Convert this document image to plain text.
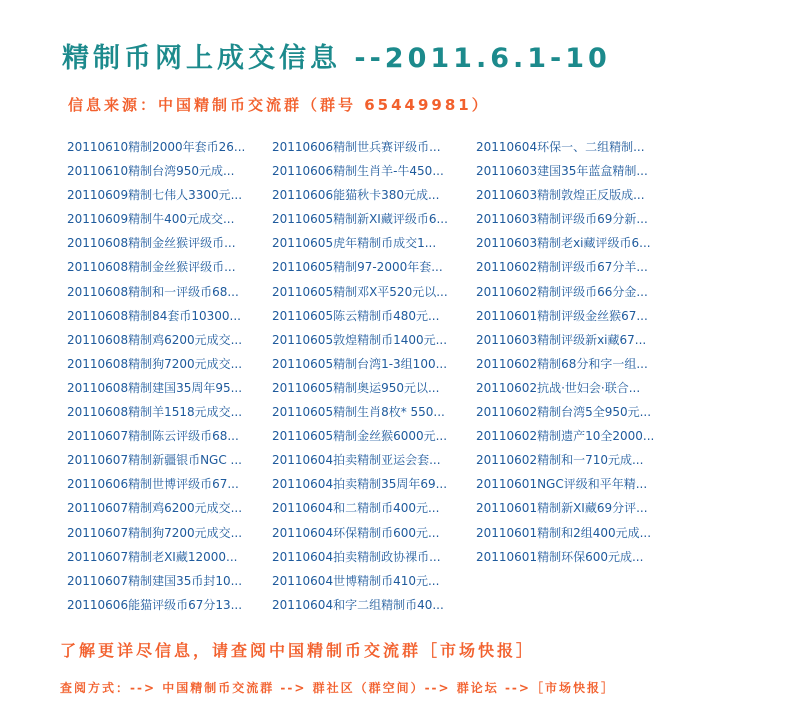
精制币网上成交信息 --2011.6.1-10
信息来源：中国精制币交流群（群号 65449981）
20110610精制2000年套币26...
20110610精制台湾950元成...
20110609精制七伟人3300元...
20110609精制牛400元成交...
20110608精制金丝猴评级币...
20110608精制金丝猴评级币...
20110608精制和一评级币68...
20110608精制84套币10300...
20110608精制鸡6200元成交...
20110608精制狗7200元成交...
20110608精制建国35周年95...
20110608精制羊1518元成交...
20110607精制陈云评级币68...
20110607精制新疆银币NGC ...
20110606精制世博评级币67...
20110607精制鸡6200元成交...
20110607精制狗7200元成交...
20110607精制老XI藏12000...
20110607精制建国35币封10...
20110606能猫评级币67分13...
20110606精制世兵赛评级币...
20110606精制生肖羊-牛450...
20110606能猫秋卡380元成...
20110605精制新XI藏评级币6...
20110605虎年精制币成交1...
20110605精制97-2000年套...
20110605精制邓X平520元以...
20110605陈云精制币480元...
20110605敦煌精制币1400元...
20110605精制台湾1-3组100...
20110605精制奥运950元以...
20110605精制生肖8枚* 550...
20110605精制金丝猴6000元...
20110604拍卖精制亚运会套...
20110604拍卖精制35周年69...
20110604和二精制币400元...
20110604环保精制币600元...
20110604拍卖精制政协裸币...
20110604世博精制币410元...
20110604和字二组精制币40...
20110604环保一、二组精制...
20110603建国35年蓝盒精制...
20110603精制敦煌正反版成...
20110603精制评级币69分新...
20110603精制老xi藏评级币6...
20110602精制评级币67分羊...
20110602精制评级币66分金...
20110601精制评级金丝猴67...
20110603精制评级新xi藏67...
20110602精制68分和字一组...
20110602抗战·世妇会·联合...
20110602精制台湾5全950元...
20110602精制遗产10全2000...
20110602精制和一710元成...
20110601NGC评级和平年精...
20110601精制新XI藏69分评...
20110601精制和2组400元成...
20110601精制环保600元成...
了解更详尽信息，请查阅中国精制币交流群［市场快报］
查阅方式：--> 中国精制币交流群 --> 群社区（群空间）--> 群论坛 -->［市场快报］
